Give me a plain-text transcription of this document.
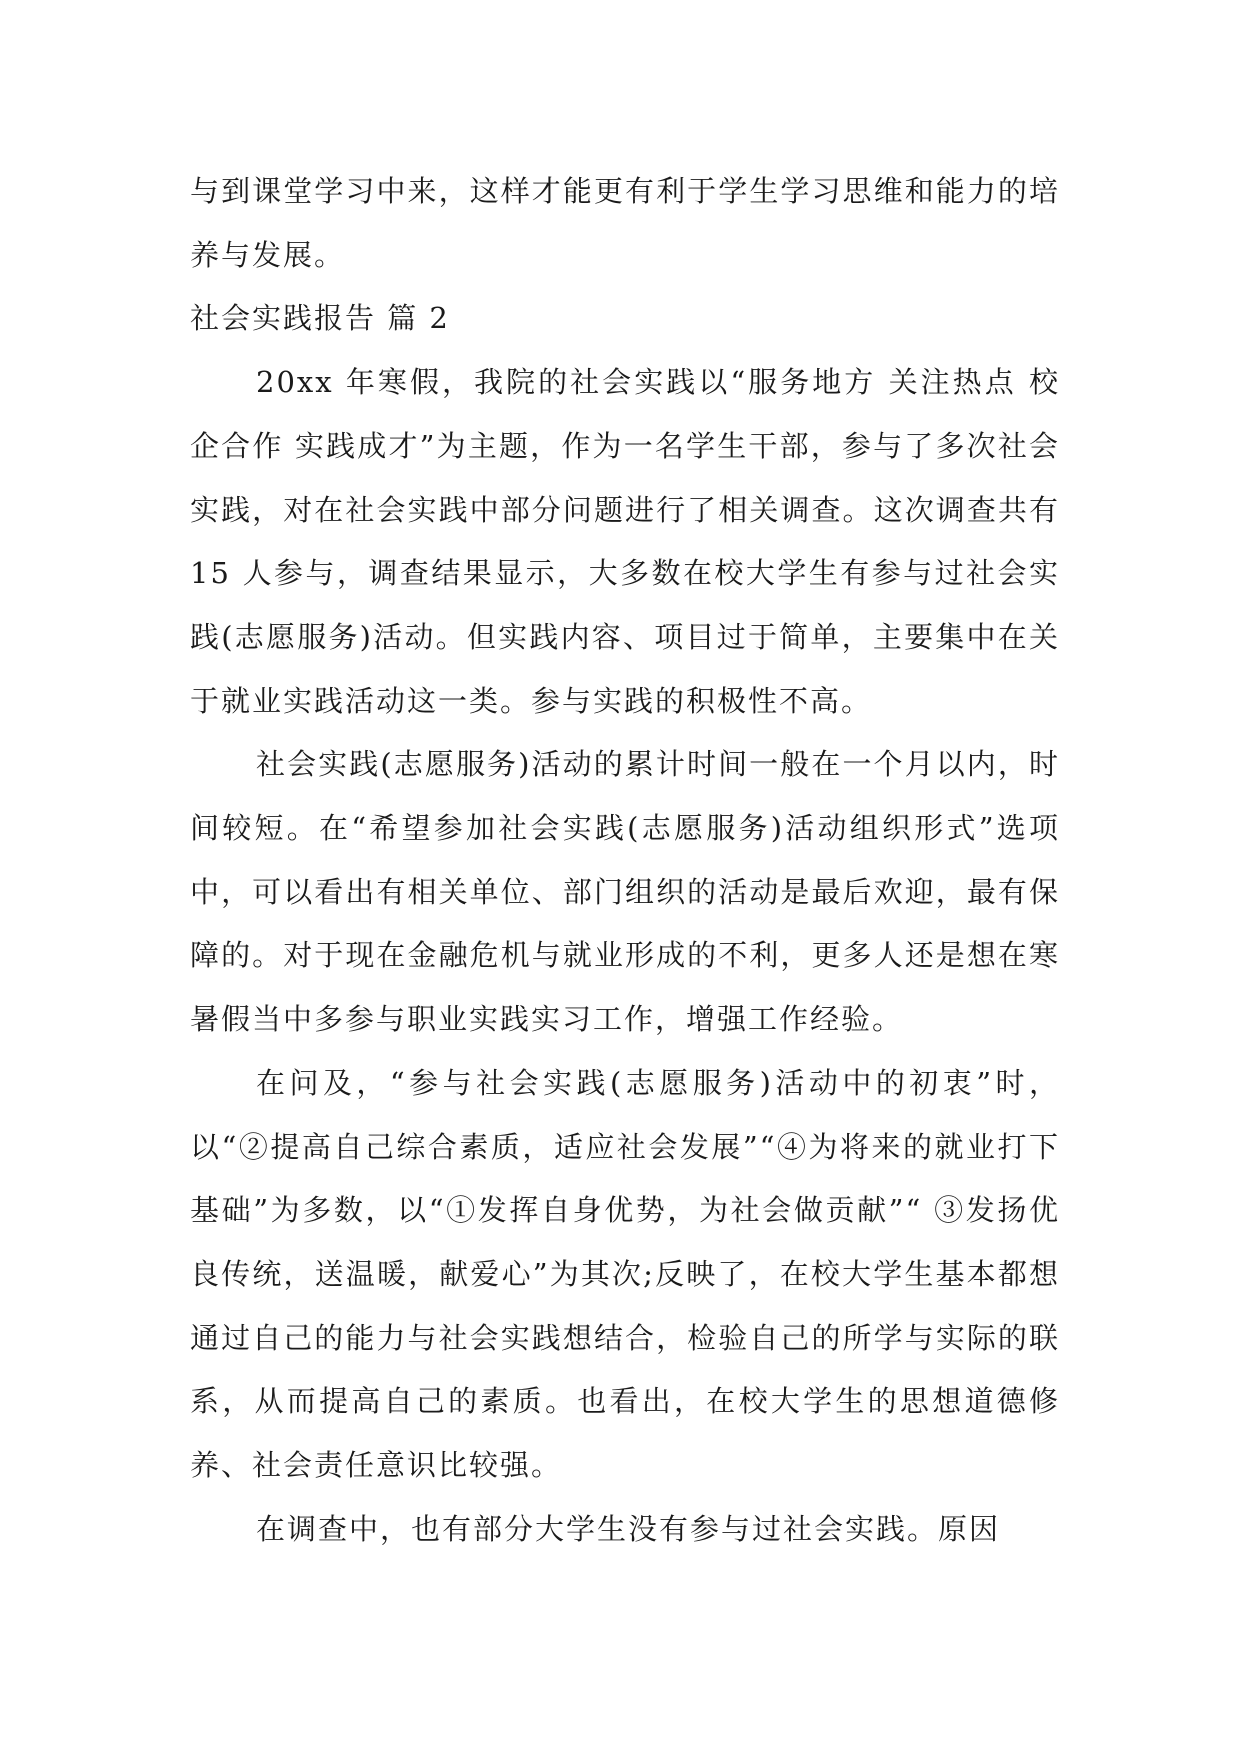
与到课堂学习中来，这样才能更有利于学生学习思维和能力的培养与发展。

社会实践报告 篇 2

20xx 年寒假，我院的社会实践以“服务地方 关注热点 校企合作 实践成才”为主题，作为一名学生干部，参与了多次社会实践，对在社会实践中部分问题进行了相关调查。这次调查共有 15 人参与，调查结果显示，大多数在校大学生有参与过社会实践(志愿服务)活动。但实践内容、项目过于简单，主要集中在关于就业实践活动这一类。参与实践的积极性不高。

社会实践(志愿服务)活动的累计时间一般在一个月以内，时间较短。在“希望参加社会实践(志愿服务)活动组织形式”选项中，可以看出有相关单位、部门组织的活动是最后欢迎，最有保障的。对于现在金融危机与就业形成的不利，更多人还是想在寒暑假当中多参与职业实践实习工作，增强工作经验。

在问及，“参与社会实践(志愿服务)活动中的初衷”时，以“②提高自己综合素质，适应社会发展”“④为将来的就业打下基础”为多数，以“①发挥自身优势，为社会做贡献”“ ③发扬优良传统，送温暖，献爱心”为其次;反映了，在校大学生基本都想通过自己的能力与社会实践想结合，检验自己的所学与实际的联系，从而提高自己的素质。也看出，在校大学生的思想道德修养、社会责任意识比较强。

在调查中，也有部分大学生没有参与过社会实践。原因
